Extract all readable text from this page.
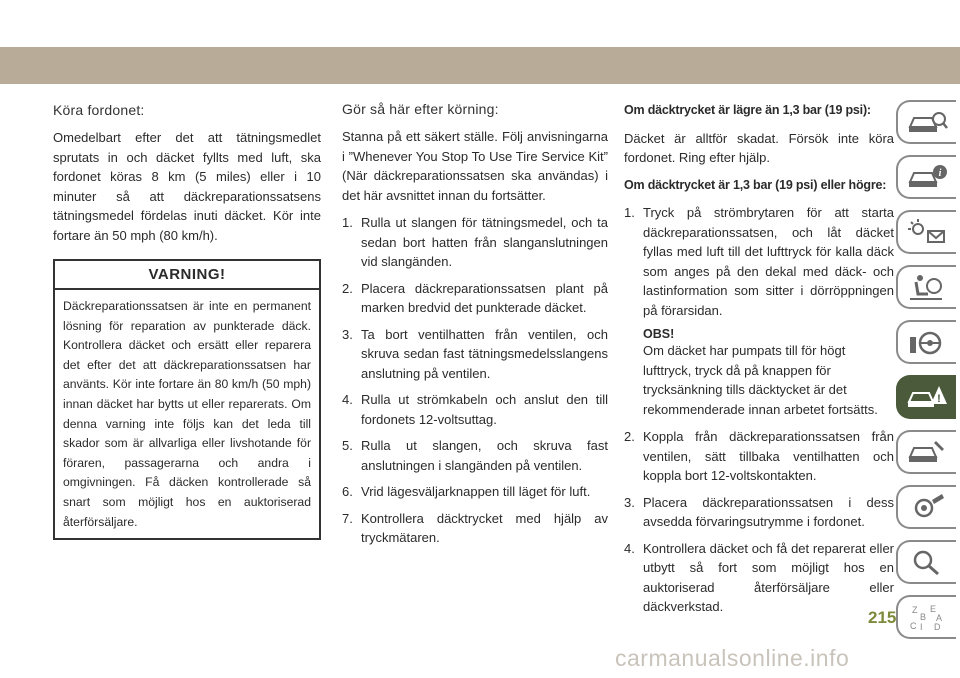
Köra fordonet:

Omedelbart efter det att tätningsmedlet sprutats in och däcket fyllts med luft, ska fordonet köras 8 km (5 miles) eller i 10 minuter så att däckreparationssatsens tätningsmedel fördelas inuti däcket. Kör inte fortare än 50 mph (80 km/h).

VARNING!
Däckreparationssatsen är inte en permanent lösning för reparation av punkterade däck. Kontrollera däcket och ersätt eller reparera det efter det att däckreparationssatsen har använts. Kör inte fortare än 80 km/h (50 mph) innan däcket har bytts ut eller reparerats. Om denna varning inte följs kan det leda till skador som är allvarliga eller livshotande för föraren, passagerarna och andra i omgivningen. Få däcken kontrollerade så snart som möjligt hos en auktoriserad återförsäljare.
Gör så här efter körning:

Stanna på ett säkert ställe. Följ anvisningarna i ”Whenever You Stop To Use Tire Service Kit” (När däckreparationssatsen ska användas) i det här avsnittet innan du fortsätter.

1. Rulla ut slangen för tätningsmedel, och ta sedan bort hatten från slanganslutningen vid slangänden.
2. Placera däckreparationssatsen plant på marken bredvid det punkterade däcket.
3. Ta bort ventilhatten från ventilen, och skruva sedan fast tätningsmedelsslangens anslutning på ventilen.
4. Rulla ut strömkabeln och anslut den till fordonets 12-voltsuttag.
5. Rulla ut slangen, och skruva fast anslutningen i slangänden på ventilen.
6. Vrid lägesväljarknappen till läget för luft.
7. Kontrollera däcktrycket med hjälp av tryckmätaren.

Om däcktrycket är lägre än 1,3 bar (19 psi):

Däcket är alltför skadat. Försök inte köra fordonet. Ring efter hjälp.

Om däcktrycket är 1,3 bar (19 psi) eller högre:

1. Tryck på strömbrytaren för att starta däckreparationssatsen, och låt däcket fyllas med luft till det lufttryck för kalla däck som anges på den dekal med däck- och lastinformation som sitter i dörröppningen på förarsidan.
OBS!
Om däcket har pumpats till för högt lufttryck, tryck då på knappen för trycksänkning tills däcktycket är det rekommenderade innan arbetet fortsätts.
2. Koppla från däckreparationssatsen från ventilen, sätt tillbaka ventilhatten och koppla bort 12-voltskontakten.
3. Placera däckreparationssatsen i dess avsedda förvaringsutrymme i fordonet.
4. Kontrollera däcket och få det reparerat eller utbytt så fort som möjligt hos en auktoriserad återförsäljare eller däckverkstad.
i
!
Z E
B A
C I D
215
carmanualsonline.info
